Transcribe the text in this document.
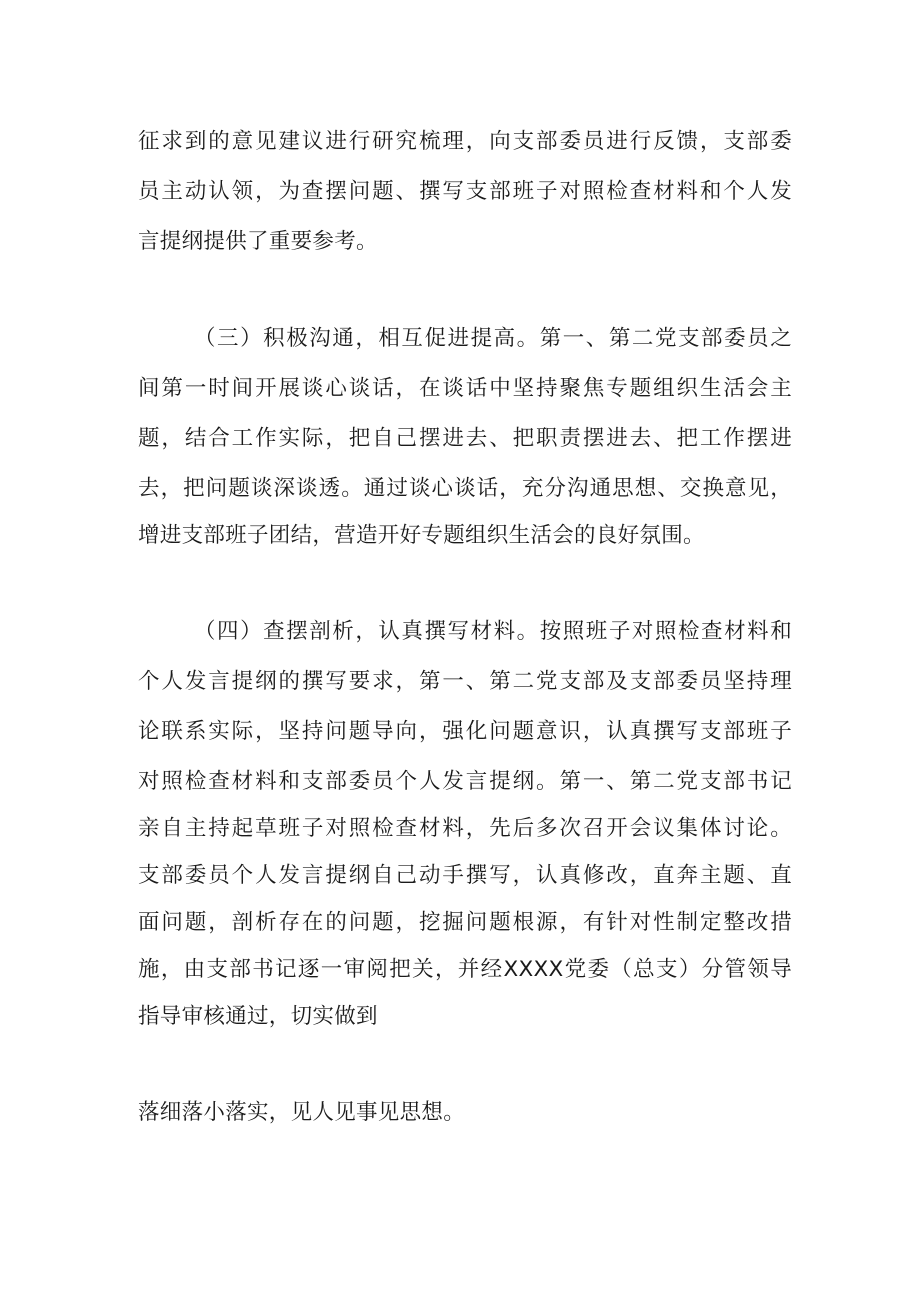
征求到的意见建议进行研究梳理，向支部委员进行反馈，支部委
员主动认领，为查摆问题、撰写支部班子对照检查材料和个人发
言提纲提供了重要参考。
（三）积极沟通，相互促进提高。第一、第二党支部委员之
间第一时间开展谈心谈话，在谈话中坚持聚焦专题组织生活会主
题，结合工作实际，把自己摆进去、把职责摆进去、把工作摆进
去，把问题谈深谈透。通过谈心谈话，充分沟通思想、交换意见，
增进支部班子团结，营造开好专题组织生活会的良好氛围。
（四）查摆剖析，认真撰写材料。按照班子对照检查材料和
个人发言提纲的撰写要求，第一、第二党支部及支部委员坚持理
论联系实际，坚持问题导向，强化问题意识，认真撰写支部班子
对照检查材料和支部委员个人发言提纲。第一、第二党支部书记
亲自主持起草班子对照检查材料，先后多次召开会议集体讨论。
支部委员个人发言提纲自己动手撰写，认真修改，直奔主题、直
面问题，剖析存在的问题，挖掘问题根源，有针对性制定整改措
施，由支部书记逐一审阅把关，并经XXXX党委（总支）分管领导
指导审核通过，切实做到
落细落小落实，见人见事见思想。
